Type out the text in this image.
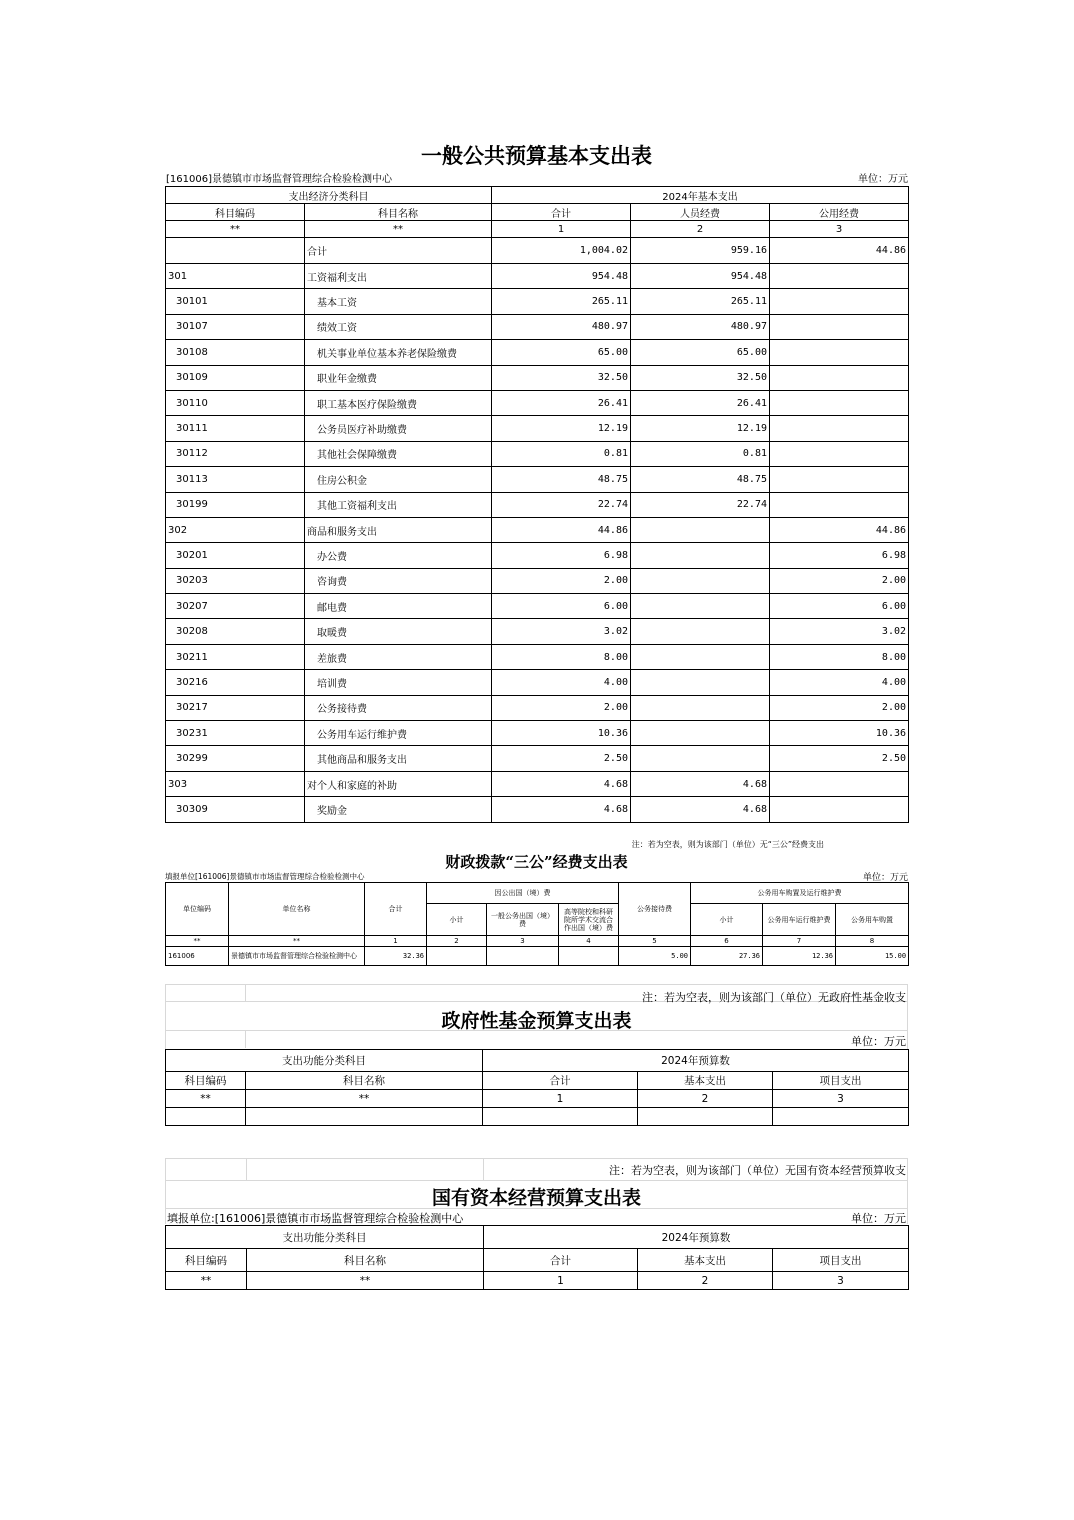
一般公共预算基本支出表
[161006]景德镇市市场监督管理综合检验检测中心	单位：万元
支出经济分类科目		2024年基本支出		
科目编码	科目名称	合计	人员经费	公用经费
**	**	1	2	3
	合计	1,004.02	959.16	44.86
301	工资福利支出	954.48	954.48	
30101	基本工资	265.11	265.11	
30107	绩效工资	480.97	480.97	
30108	机关事业单位基本养老保险缴费	65.00	65.00	
30109	职业年金缴费	32.50	32.50	
30110	职工基本医疗保险缴费	26.41	26.41	
30111	公务员医疗补助缴费	12.19	12.19	
30112	其他社会保障缴费	0.81	0.81	
30113	住房公积金	48.75	48.75	
30199	其他工资福利支出	22.74	22.74	
302	商品和服务支出	44.86		44.86
30201	办公费	6.98		6.98
30203	咨询费	2.00		2.00
30207	邮电费	6.00		6.00
30208	取暖费	3.02		3.02
30211	差旅费	8.00		8.00
30216	培训费	4.00		4.00
30217	公务接待费	2.00		2.00
30231	公务用车运行维护费	10.36		10.36
30299	其他商品和服务支出	2.50		2.50
303	对个人和家庭的补助	4.68	4.68	
30309	奖励金	4.68	4.68	
注：若为空表，则为该部门（单位）无“三公”经费支出
财政拨款“三公”经费支出表
填报单位[161006]景德镇市市场监督管理综合检验检测中心	单位：万元
单位编码	单位名称	合计	因公出国（境）费			公务接待费	公务用车购置及运行维护费		
			小计	一般公务出国（境）费	高等院校和科研院所学术交流合作出国（境）费		小计	公务用车运行维护费	公务用车购置
**	**	1	2	3	4	5	6	7	8
161006	景德镇市市场监督管理综合检验检测中心	32.36				5.00	27.36	12.36	15.00
注：若为空表，则为该部门（单位）无政府性基金收支
政府性基金预算支出表
单位：万元
支出功能分类科目		2024年预算数		
科目编码	科目名称	合计	基本支出	项目支出
**	**	1	2	3

注：若为空表，则为该部门（单位）无国有资本经营预算收支
国有资本经营预算支出表
填报单位:[161006]景德镇市市场监督管理综合检验检测中心	单位：万元
支出功能分类科目		2024年预算数		
科目编码	科目名称	合计	基本支出	项目支出
**	**	1	2	3
